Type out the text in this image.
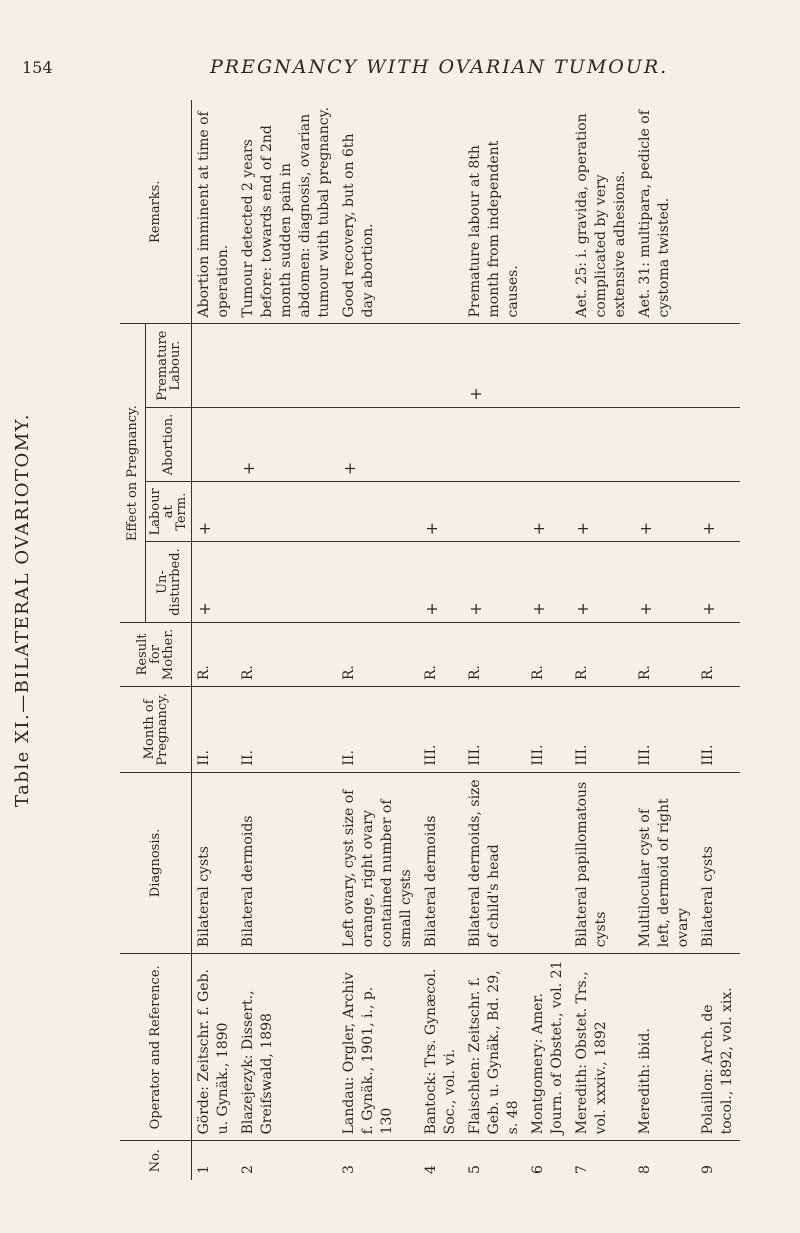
154	PREGNANCY WITH OVARIAN TUMOUR.
Table XI.—BILATERAL OVARIOTOMY.
No.	Operator and Reference.	Diagnosis.	Month of Pregnancy.	Result for Mother.	Effect on Pregnancy.				Remarks.
					Un-disturbed.	Labour at Term.	Abortion.	Premature Labour.	
1	Görde: Zeitschr. f. Geb. u. Gynäk., 1890	Bilateral cysts	II.	R.	+	+			Abortion imminent at time of operation.
2	Blazejezyk: Dissert., Greifswald, 1898	Bilateral dermoids	II.	R.			+		Tumour detected 2 years before: towards end of 2nd month sudden pain in abdomen: diagnosis, ovarian tumour with tubal pregnancy.
3	Landau: Orgler, Archiv f. Gynäk., 1901, i., p. 130	Left ovary, cyst size of orange, right ovary contained number of small cysts	II.	R.			+		Good recovery, but on 6th day abortion.
4	Bantock: Trs. Gynæcol. Soc., vol. vi.	Bilateral dermoids	III.	R.	+	+			
5	Flaischlen: Zeitschr. f. Geb. u. Gynäk., Bd. 29, s. 48	Bilateral dermoids, size of child's head	III.	R.	+			+	Premature labour at 8th month from independent causes.
6	Montgomery: Amer. Journ. of Obstet., vol. 21		III.	R.	+	+			
7	Meredith: Obstet. Trs., vol. xxxiv., 1892	Bilateral papillomatous cysts	III.	R.	+	+			Aet. 25: i. gravida, operation complicated by very extensive adhesions.
8	Meredith: ibid.	Multilocular cyst of left, dermoid of right ovary	III.	R.	+	+			Aet. 31: multipara, pedicle of cystoma twisted.
9	Polaillon: Arch. de tocol., 1892, vol. xix.	Bilateral cysts	III.	R.	+	+			
